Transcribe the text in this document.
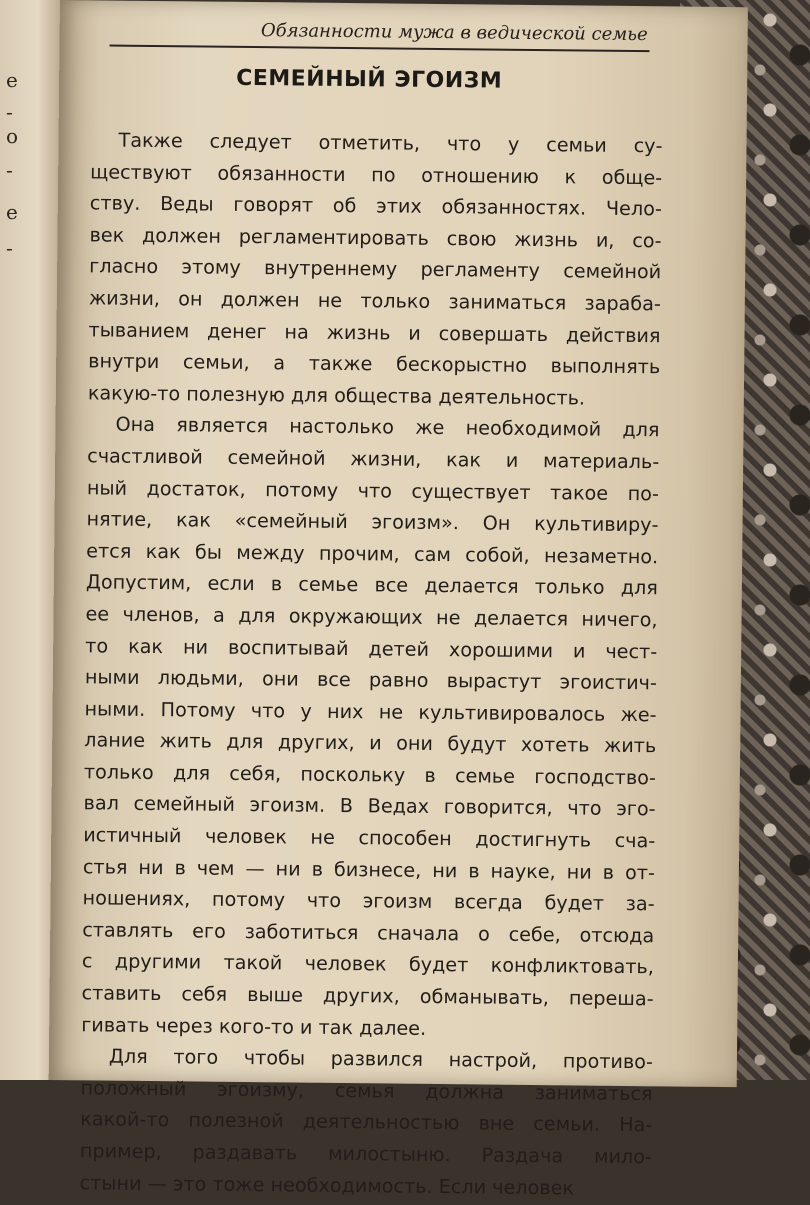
е
-
о
-
е
-
Обязанности мужа в ведической семье
СЕМЕЙНЫЙ ЭГОИЗМ

Также следует отметить, что у семьи су-
ществуют обязанности по отношению к обще-
ству. Веды говорят об этих обязанностях. Чело-
век должен регламентировать свою жизнь и, со-
гласно этому внутреннему регламенту семейной
жизни, он должен не только заниматься зараба-
тыванием денег на жизнь и совершать действия
внутри семьи, а также бескорыстно выполнять
какую-то полезную для общества деятельность.

Она является настолько же необходимой для
счастливой семейной жизни, как и материаль-
ный достаток, потому что существует такое по-
нятие, как «семейный эгоизм». Он культивиру-
ется как бы между прочим, сам собой, незаметно.
Допустим, если в семье все делается только для
ее членов, а для окружающих не делается ничего,
то как ни воспитывай детей хорошими и чест-
ными людьми, они все равно вырастут эгоистич-
ными. Потому что у них не культивировалось же-
лание жить для других, и они будут хотеть жить
только для себя, поскольку в семье господство-
вал семейный эгоизм. В Ведах говорится, что эго-
истичный человек не способен достигнуть сча-
стья ни в чем — ни в бизнесе, ни в науке, ни в от-
ношениях, потому что эгоизм всегда будет за-
ставлять его заботиться сначала о себе, отсюда
с другими такой человек будет конфликтовать,
ставить себя выше других, обманывать, переша-
гивать через кого-то и так далее.

Для того чтобы развился настрой, противо-
положный эгоизму, семья должна заниматься
какой-то полезной деятельностью вне семьи. На-
пример, раздавать милостыню. Раздача мило-
стыни — это тоже необходимость. Если человек
